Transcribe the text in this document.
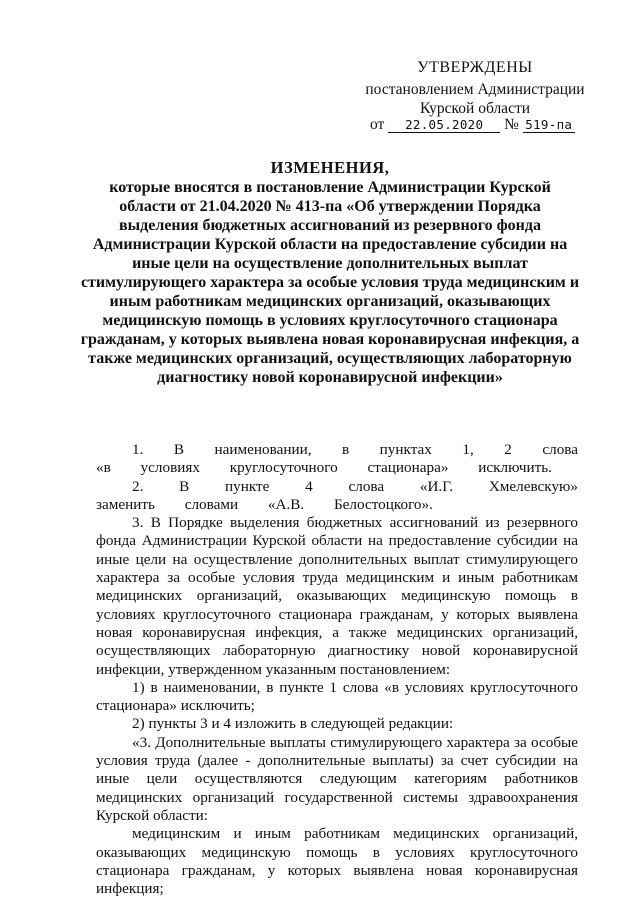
УТВЕРЖДЕНЫ
постановлением Администрации
Курской области
от 22.05.2020 № 519-па
ИЗМЕНЕНИЯ,
которые вносятся в постановление Администрации Курской области от 21.04.2020 № 413-па «Об утверждении Порядка выделения бюджетных ассигнований из резервного фонда Администрации Курской области на предоставление субсидии на иные цели на осуществление дополнительных выплат стимулирующего характера за особые условия труда медицинским и иным работникам медицинских организаций, оказывающих медицинскую помощь в условиях круглосуточного стационара гражданам, у которых выявлена новая коронавирусная инфекция, а также медицинских организаций, осуществляющих лабораторную диагностику новой коронавирусной инфекции»

1. В наименовании, в пунктах 1, 2 слова «в условиях круглосуточного стационара» исключить.

2. В пункте 4 слова «И.Г. Хмелевскую» заменить словами «А.В. Белостоцкого».

3. В Порядке выделения бюджетных ассигнований из резервного фонда Администрации Курской области на предоставление субсидии на иные цели на осуществление дополнительных выплат стимулирующего характера за особые условия труда медицинским и иным работникам медицинских организаций, оказывающих медицинскую помощь в условиях круглосуточного стационара гражданам, у которых выявлена новая коронавирусная инфекция, а также медицинских организаций, осуществляющих лабораторную диагностику новой коронавирусной инфекции, утвержденном указанным постановлением:

1) в наименовании, в пункте 1 слова «в условиях круглосуточного стационара» исключить;

2) пункты 3 и 4 изложить в следующей редакции:

«3. Дополнительные выплаты стимулирующего характера за особые условия труда (далее - дополнительные выплаты) за счет субсидии на иные цели осуществляются следующим категориям работников медицинских организаций государственной системы здравоохранения Курской области:

медицинским и иным работникам медицинских организаций, оказывающих медицинскую помощь в условиях круглосуточного стационара гражданам, у которых выявлена новая коронавирусная инфекция;
